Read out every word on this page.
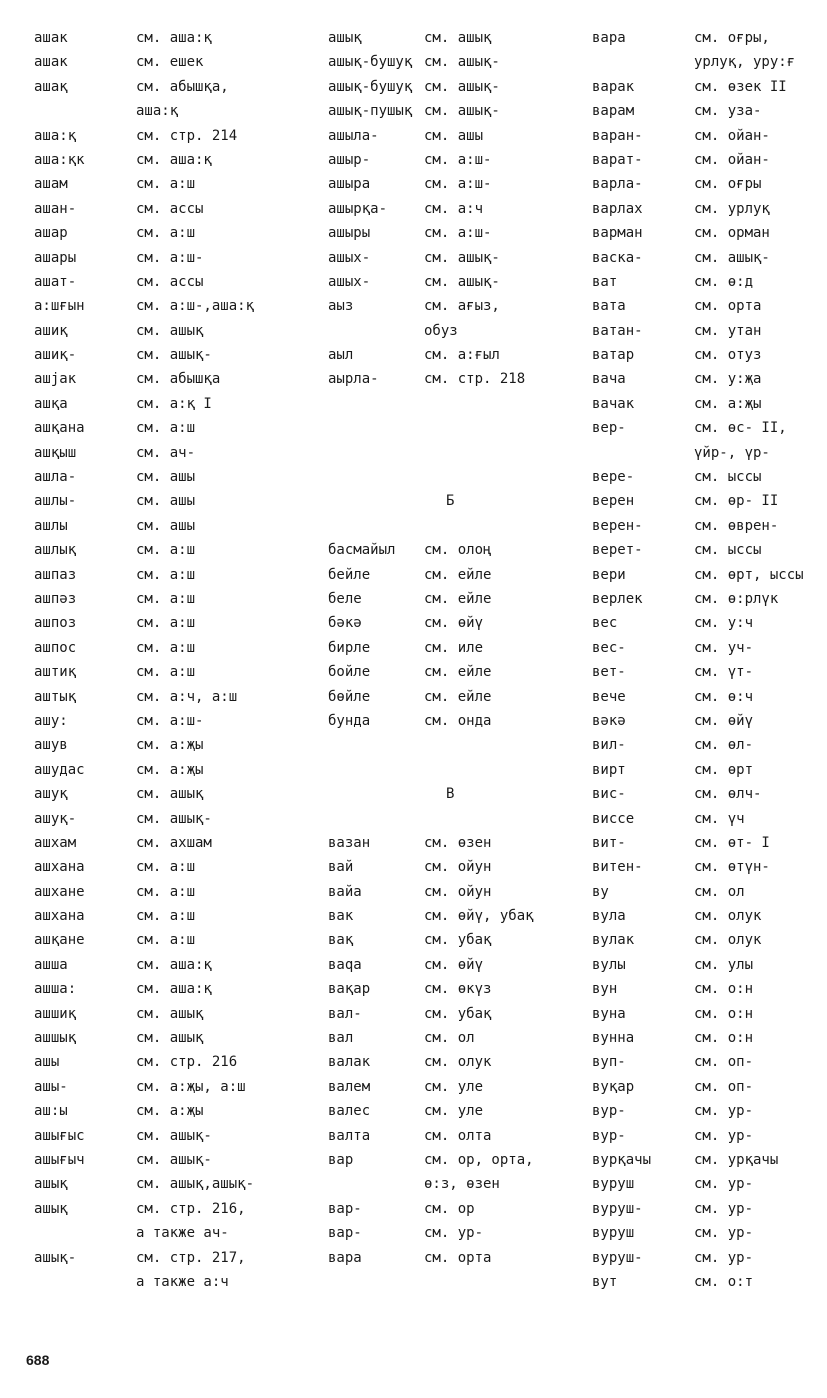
ашак	см. аша:қ
ашак	см. ешек
ашақ	см. абышқа,
аша:қ
аша:қ	см. стр. 214
аша:қк	см. аша:қ
ашам	см. а:ш
ашан-	см. ассы
ашар	см. а:ш
ашары	см. а:ш-
ашат-	см. ассы
а:шғын	см. а:ш-,аша:қ
ашиқ	см. ашық
ашиқ-	см. ашық-
ашjак	см. абышқа
ашқа	см. а:қ I
ашқана	см. а:ш
ашқыш	см. ач-
ашла-	см. ашы
ашлы-	см. ашы
ашлы	см. ашы
ашлық	см. а:ш
ашпаз	см. а:ш
ашпәз	см. а:ш
ашпоз	см. а:ш
ашпос	см. а:ш
аштиқ	см. а:ш
аштық	см. а:ч, а:ш
ашу:	см. а:ш-
ашув	см. а:җы
ашудас	см. а:җы
ашуқ	см. ашық
ашуқ-	см. ашық-
ашхам	см. ахшам
ашхана	см. а:ш
ашхане	см. а:ш
ашхана	см. а:ш
ашқане	см. а:ш
ашша	см. аша:қ
ашша:	см. аша:қ
ашшиқ	см. ашық
ашшық	см. ашық
ашы	см. стр. 216
ашы-	см. а:җы, а:ш
аш:ы	см. а:җы
ашығыс	см. ашық-
ашығыч	см. ашық-
ашық	см. ашық,ашық-
ашық	см. стр. 216,
а также ач-
ашық-	см. стр. 217,
а также а:ч
ашық	см. ашық
ашық-бушуқ см. ашық-
ашық-бушуқ см. ашық-
ашық-пушық см. ашық-
ашыла-	см. ашы
ашыр-	см. а:ш-
ашыра	см. а:ш-
ашырқа-	см. а:ч
ашыры	см. а:ш-
ашых-	см. ашық-
ашых-	см. ашық-
аыз	см. ағыз,
обуз
аыл	см. а:ғыл
аырла-	см. стр. 218
Б
басмайыл см. олоң
бейле	см. ейле
беле	см. ейле
бәкә	см. өйү
бирле	см. иле
бойле	см. ейле
бөйле	см. ейле
бунда	см. онда
В
вазан	см. өзен
вай	см. ойун
вайа	см. ойун
вак	см. өйү, убақ
вақ	см. убақ
ваqа	см. өйү
вақар	см. өкүз
вал-	см. убақ
вал	см. ол
валак	см. олук
валем	см. уле
валес	см. уле
валта	см. олта
вар	см. ор, орта,
ө:з, өзен
вар-	см. ор
вар-	см. ур-
вара	см. орта
вара	см. оғры,
урлуқ, уру:ғ
варак	см. өзек II
варам	см. уза-
варан-	см. ойан-
варат-	см. ойан-
варла-	см. оғры
варлах	см. урлуқ
варман	см. орман
васка-	см. ашық-
ват	см. ө:д
вата	см. орта
ватан-	см. утан
ватар	см. отуз
вача	см. у:җа
вачак	см. а:җы
вер-	см. өс- II,
үйр-, үр-
вере-	см. ыссы
верен	см. өр- II
верен-	см. өврен-
верет-	см. ыссы
вери	см. өрт, ыссы
верлек	см. ө:рлүк
вес	см. у:ч
вес-	см. уч-
вет-	см. үт-
вече	см. ө:ч
вәкә	см. өйү
вил-	см. өл-
вирт	см. өрт
вис-	см. өлч-
виссе	см. үч
вит-	см. өт- I
витен-	см. өтүн-
ву	см. ол
вула	см. олук
вулак	см. олук
вулы	см. улы
вун	см. о:н
вуна	см. о:н
вунна	см. о:н
вуп-	см. оп-
вуқар	см. оп-
вур-	см. ур-
вур-	см. ур-
вурқачы	см. урқачы
вуруш	см. ур-
вуруш-	см. ур-
вуруш	см. ур-
вуруш-	см. ур-
вут	см. о:т
688
